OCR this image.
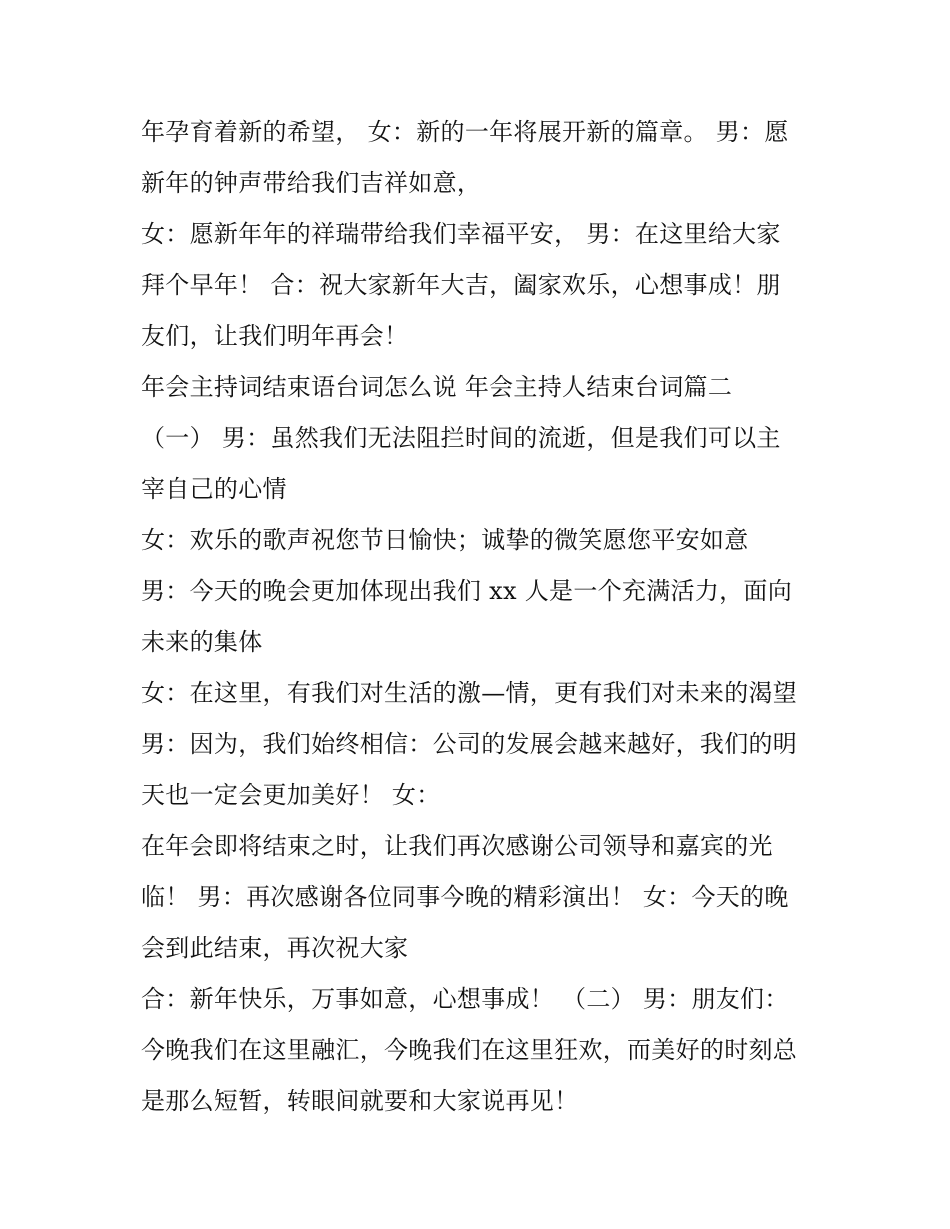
年孕育着新的希望， 女：新的一年将展开新的篇章。 男：愿
新年的钟声带给我们吉祥如意，
女：愿新年年的祥瑞带给我们幸福平安， 男：在这里给大家
拜个早年！ 合：祝大家新年大吉，阖家欢乐，心想事成！朋
友们，让我们明年再会！
年会主持词结束语台词怎么说 年会主持人结束台词篇二
（一） 男：虽然我们无法阻拦时间的流逝，但是我们可以主
宰自己的心情
女：欢乐的歌声祝您节日愉快；诚挚的微笑愿您平安如意
男：今天的晚会更加体现出我们 xx 人是一个充满活力，面向
未来的集体
女：在这里，有我们对生活的激—情，更有我们对未来的渴望
男：因为，我们始终相信：公司的发展会越来越好，我们的明
天也一定会更加美好！ 女：
在年会即将结束之时，让我们再次感谢公司领导和嘉宾的光
临！ 男：再次感谢各位同事今晚的精彩演出！ 女：今天的晚
会到此结束，再次祝大家
合：新年快乐，万事如意，心想事成！ （二） 男：朋友们：
今晚我们在这里融汇，今晚我们在这里狂欢，而美好的时刻总
是那么短暂，转眼间就要和大家说再见！
